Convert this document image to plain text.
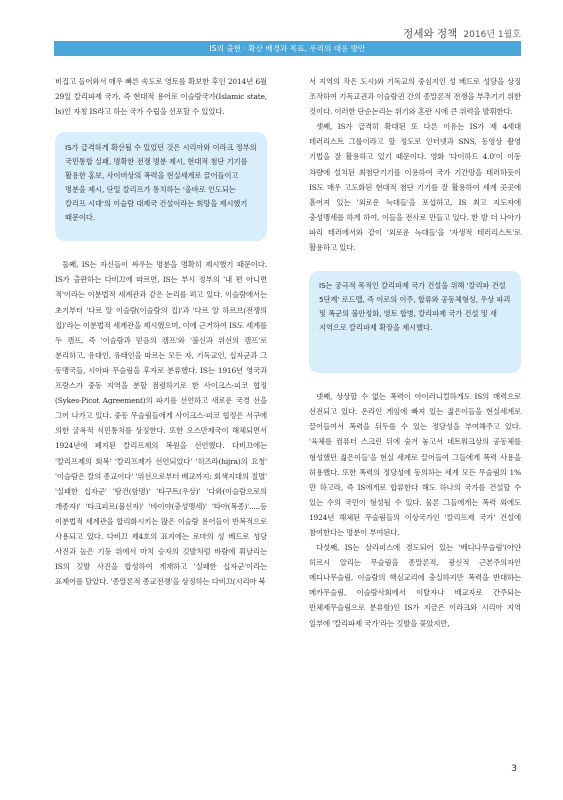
정세와 정책 2016년 1월호
IS의 출현 · 확산 배경과 목표, 우리의 대응 방안

비집고 들어와서 매우 빠른 속도로 영토를 확보한 후인 2014년 6월 29일 칼리파제 국가, 즉 현대적 용어로 이슬람국가(Islamic state, Is)인 자칭 IS라고 하는 국가 수립을 선포할 수 있었다.

IS가 급격하게 확산될 수 있었던 것은 시리아와 이라크 정부의 국민통합 실패, 명확한 전쟁 명분 제시, 현대적 첨단 기기를 활용한 홍보, 사이버상의 폭력을 현실세계로 끌어들이고 명분을 제시, 단일 칼리프가 통치하는 '올바로 인도되는 칼리프 시대'의 이슬람 대제국 건설이라는 희망을 제시했기 때문이다.

둘째, IS는 자신들이 싸우는 명분을 명확히 제시했기 때문이다. IS가 출판하는 다비끄에 따르면, IS는 부시 정부의 '내 편 아니면 적'이라는 이분법적 세계관과 같은 논리를 펴고 있다. 이슬람에서는 초기부터 '다르 알 이슬람(이슬람의 집)'과 '다르 알 하르브(전쟁의 집)'라는 이분법적 세계관을 제시했으며, 이에 근거하여 IS도 세계를 두 캠프, 즉 '이슬람과 믿음의 캠프'와 '불신과 위선의 캠프'로 분리하고, 유대인, 유태인을 따르는 모든 자, 기독교인, 십자군과 그 동맹국들, 시아파 무슬림을 후자로 분류했다. IS는 1916년 영국과 프랑스가 중동 지역을 분할 점령하기로 한 사이크스-피코 협정(Sykes-Picot Agreement)의 파기를 선언하고 새로운 국경 선을 그어 나가고 있다. 중동 무슬림들에게 사이크스-피코 협정은 서구에 의한 굴욕적 식민통치를 상징한다. 또한 오스만제국이 해체되면서 1924년에 폐지된 칼리프제의 복원을 선언했다. 다비끄에는 '칼리프제의 회복' '칼리프제가 선언되었다' '히즈라(hijra)의 요청' '이슬람은 칼의 종교이다' '위선으로부터 배교까지: 회색지대의 절멸' '실패한 십자군' '탐건(함명)' '타구트(우상)' '다와(이슬람으로의 개종자)' '타크피르(불신자)' '바이야(충성맹세)' '타아(복종)'.....등 이분법적 세계관을 합리화시키는 많은 이슬람 용어들이 반복적으로 사용되고 있다. 다비끄 제4호의 표지에는 로마의 성 베드로 성당 사진과 높은 기둥 위에서 마치 승자의 깃발처럼 바람에 휘날리는 IS의 깃발 사진을 합성하여 게재하고 '실패한 십자군'이라는 표제어를 달았다. '종말론적 종교전쟁'을 상징하는 다비끄(시리아 북

서 지역의 작은 도시)와 기독교의 중심지인 성 베드로 성당을 상징 조작하여 기독교권과 이슬람권 간의 종말론적 전쟁을 부추기기 위한 것이다. 이러한 단순논리는 위기와 혼란 시에 큰 위력을 발휘한다.

셋째, IS가 급격히 확대된 또 다른 이유는 IS가 제 4세대 테러리스트 그룹이라고 할 정도로 인터넷과 SNS, 동영상 촬영 기법을 잘 활용하고 있기 때문이다. 영화 '다이하드 4.0'이 이동 차량에 설치된 최첨단기기를 이용하여 국가 기간망을 테러하듯이 IS도 매우 고도화된 현대적 첨단 기기를 잘 활용하여 세계 곳곳에 흩어져 있는 '외로운 늑대들'을 포섭하고, IS 최고 지도자에 충성맹세를 하게 하여, 이들을 전사로 만들고 있다. 한 발 더 나아가 파리 테러에서와 같이 '외로운 늑대들'을 '자생적 테러리스트'로 활용하고 있다.

IS는 궁극적 목적인 칼리파제 국가 건설을 위해 '칼리파 건설 5단계' 로드맵, 즉 이로의 이주, 합류와 공동체형성, 우상 파괴 및 폭군의 불안정화, 영토 합병, 칼리파제 국가 건설 및 새 지역으로 칼리파제 확장을 제시했다.

넷째, 상상할 수 없는 폭력이 아이러니컬하게도 IS의 매력으로 선전되고 있다. 온라인 게임에 빠져 있는 젊은이들을 현실세계로 끌어들여서 폭력을 뒤두를 수 있는 정당성을 부여해주고 있다. '육체를 컴퓨터 스크린 뒤에 숨겨 놓고서 네트워크상의 공동체를 형성했던 젊은이들'을 현실 세계로 끌어들여 그들에게 폭력 사용을 허용했다. 또한 폭력의 정당성에 동의하는 세계 모든 무슬림의 1%만 하고라, 즉 IS에게로 합류한다 해도 하나의 국가를 건설할 수 있는 수의 국민이 형성될 수 있다. 물론 그들에게는 폭력 외에도 1924년 해체된 무슬림들의 이상국가인 '칼리프제 국가' 건설에 참여한다는 명분이 부여된다.

다섯째, IS는 살라피스에 경도되어 있는 '베디나무슬림'(아얀 히르시 알리는 무슬림을 종말론적, 광신적 근본주의자인 메디나무슬림, 이슬람의 핵심교리에 충실하지만 폭력을 반대하는 메카무슬림, 이슬람사회에서 이탈자나 배교자로 간주되는 반체제무슬림으로 분류함)인 IS가 지금은 이라크와 시리아 지역 일부에 '칼리파제 국가'라는 깃발을 꽂았지만,

3
